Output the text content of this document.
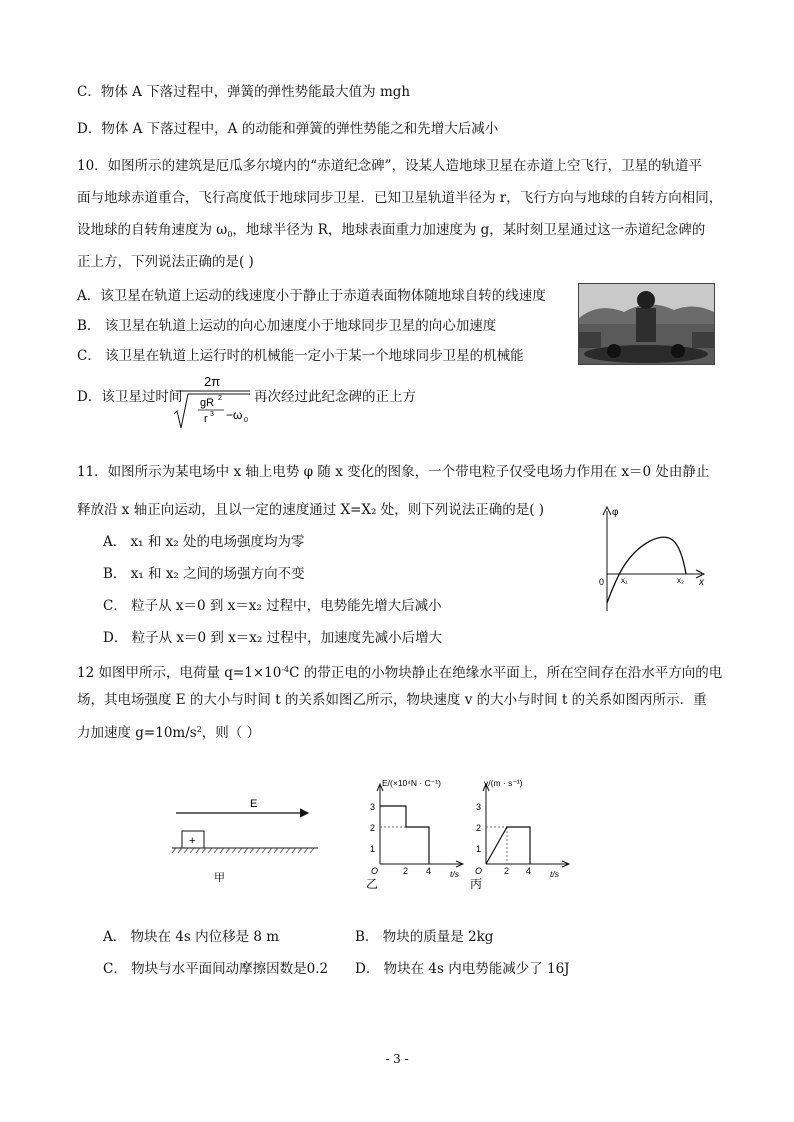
C．物体 A 下落过程中，弹簧的弹性势能最大值为 mgh
D．物体 A 下落过程中，A 的动能和弹簧的弹性势能之和先增大后减小
10．如图所示的建筑是厄瓜多尔境内的“赤道纪念碑”，设某人造地球卫星在赤道上空飞行，卫星的轨道平
面与地球赤道重合，飞行高度低于地球同步卫星．已知卫星轨道半径为 r，飞行方向与地球的自转方向相同，
设地球的自转角速度为 $\omega_0$，地球半径为 R，地球表面重力加速度为 g，某时刻卫星通过这一赤道纪念碑的
正上方，下列说法正确的是( )
A．该卫星在轨道上运动的线速度小于静止于赤道表面物体随地球自转的线速度
B． 该卫星在轨道上运动的向心加速度小于地球同步卫星的向心加速度
C． 该卫星在轨道上运行时的机械能一定小于某一个地球同步卫星的机械能
D．该卫星过时间
2π
gR 2
r 3 −ω 0
再次经过此纪念碑的正上方
11．如图所示为某电场中 x 轴上电势 φ 随 x 变化的图象，一个带电粒子仅受电场力作用在 x＝0 处由静止
释放沿 x 轴正向运动，且以一定的速度通过 X=X₂ 处，则下列说法正确的是( )
A． x₁ 和 x₂ 处的电场强度均为零
B． x₁ 和 x₂ 之间的场强方向不变
C． 粒子从 x＝0 到 x＝x₂ 过程中，电势能先增大后减小
D． 粒子从 x＝0 到 x＝x₂ 过程中，加速度先减小后增大
φ
x
0 x₁	x₂
12 如图甲所示，电荷量 $q=1\times 10^{-4}C$ 的带正电的小物块静止在绝缘水平面上，所在空间存在沿水平方向的电
场，其电场强度 E 的大小与时间 t 的关系如图乙所示，物块速度 v 的大小与时间 t 的关系如图丙所示．重
力加速度 $g=10m/s^2$，则（ ）
E
+
甲
E/(×10⁴N · C⁻¹)
t/s
O
3
2
1
2 4
乙
v/(m · s⁻¹)
t/s
O
3
2
1
2 4
丙
A． 物块在 4s 内位移是 8 m	B． 物块的质量是 2kg
C． 物块与水平面间动摩擦因数是0.2 D． 物块在 4s 内电势能减少了 16J
- 3 -
